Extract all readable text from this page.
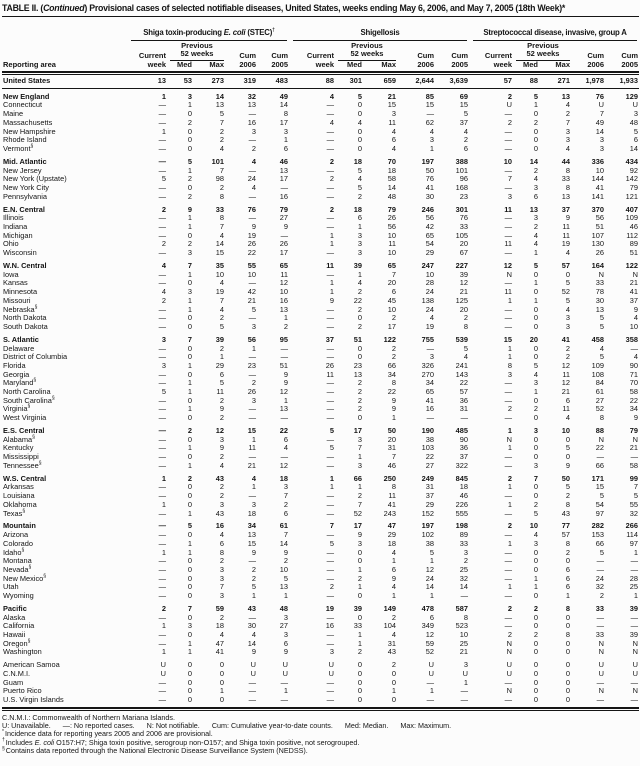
TABLE II. (Continued) Provisional cases of selected notifiable diseases, United States, weeks ending May 6, 2006, and May 7, 2005 (18th Week)*
Shiga toxin-producing E. coli (STEC)†	Shigellosis	Streptococcal disease, invasive, group A
Previous	Previous	Previous
Current	52 weeks	Cum	Cum	Current	52 weeks	Cum	Cum	Current	52 weeks	Cum	Cum
Reporting area	week	Med	Max	2006	2005	week	Med	Max	2006	2005	week	Med	Max	2006	2005
United States	13	53	273	319	483	88	301	659	2,644	3,639	57	88	271	1,978	1,933
New England	1	3	14	32	49	4	5	21	85	69	2	5	13	76	129
Connecticut	—	1	13	13	14	—	0	15	15	15	U	1	4	U	U
Maine	—	0	5	—	8	—	0	3	—	5	—	0	2	7	3
Massachusetts	—	2	7	16	17	4	4	11	62	37	2	2	7	49	48
New Hampshire	1	0	2	3	3	—	0	4	4	4	—	0	3	14	5
Rhode Island	—	0	2	—	1	—	0	6	3	2	—	0	3	3	6
Vermont§	—	0	4	2	6	—	0	4	1	6	—	0	4	3	14
Mid. Atlantic	—	5	101	4	46	2	18	70	197	388	10	14	44	336	434
New Jersey	—	1	7	—	13	—	5	18	50	101	—	2	8	10	92
New York (Upstate)	5	2	98	24	17	2	4	58	76	96	7	4	33	144	142
New York City	—	0	2	4	—	—	5	14	41	168	—	3	8	41	79
Pennsylvania	—	2	8	—	16	—	2	48	30	23	3	6	13	141	121
E.N. Central	2	9	33	76	79	2	18	79	246	301	11	13	37	370	407
Illinois	—	1	8	—	27	—	6	26	56	76	—	3	9	56	109
Indiana	—	1	7	9	9	—	1	56	42	33	—	2	11	51	46
Michigan	—	0	4	19	—	1	3	10	65	105	—	4	11	107	112
Ohio	2	2	14	26	26	1	3	11	54	20	11	4	19	130	89
Wisconsin	—	3	15	22	17	—	3	10	29	67	—	1	4	26	51
W.N. Central	4	7	35	55	65	11	39	65	247	227	12	5	57	164	122
Iowa	—	1	10	10	11	—	1	7	10	39	N	0	0	N	N
Kansas	—	0	4	—	12	1	4	20	28	12	—	1	5	33	21
Minnesota	4	3	19	42	10	1	2	6	24	21	11	0	52	78	41
Missouri	2	1	7	21	16	9	22	45	138	125	1	1	5	30	37
Nebraska§	—	1	4	5	13	—	2	10	24	20	—	0	4	13	9
North Dakota	—	0	2	—	1	—	0	2	4	2	—	0	3	5	4
South Dakota	—	0	5	3	2	—	2	17	19	8	—	0	3	5	10
S. Atlantic	3	7	39	56	95	37	51	122	755	539	15	20	41	458	358
Delaware	—	0	2	1	—	—	0	2	—	5	1	0	2	4	—
District of Columbia	—	0	1	—	—	—	0	2	3	4	1	0	2	5	4
Florida	3	1	29	23	51	26	23	66	326	241	8	5	12	109	90
Georgia	—	0	6	—	9	11	13	34	270	143	3	4	11	108	71
Maryland§	—	1	5	2	9	—	2	8	34	22	—	3	12	84	70
North Carolina	5	1	11	26	12	—	2	22	65	57	—	1	21	61	58
South Carolina§	—	0	2	3	1	—	2	9	41	36	—	0	6	27	22
Virginia§	—	1	9	—	13	—	2	9	16	31	2	2	11	52	34
West Virginia	—	0	2	—	—	—	0	1	—	—	—	0	4	8	9
E.S. Central	—	2	12	15	22	5	17	50	190	485	1	3	10	88	79
Alabama§	—	0	3	1	6	—	3	20	38	90	N	0	0	N	N
Kentucky	—	1	9	11	4	5	7	31	103	36	1	0	5	22	21
Mississippi	—	0	2	—	—	—	1	7	22	37	—	0	0	—	—
Tennessee§	—	1	4	21	12	—	3	46	27	322	—	3	9	66	58
W.S. Central	1	2	43	4	18	1	66	250	249	845	2	7	50	171	99
Arkansas	—	0	2	1	3	1	1	8	31	18	1	0	5	15	7
Louisiana	—	0	2	—	7	—	2	11	37	46	—	0	2	5	5
Oklahoma	1	0	3	3	2	—	7	41	29	226	1	2	8	54	55
Texas§	—	1	43	18	6	—	52	243	152	555	—	5	43	97	32
Mountain	—	5	16	34	61	7	17	47	197	198	2	10	77	282	266
Arizona	—	0	4	13	7	—	9	29	102	89	—	4	57	153	114
Colorado	—	1	6	15	14	5	3	18	38	33	1	3	8	66	97
Idaho§	1	1	8	9	9	—	0	4	5	3	—	0	2	5	1
Montana	—	0	2	—	2	—	0	1	1	2	—	0	0	—	—
Nevada§	—	0	3	2	10	—	1	6	12	25	—	0	6	—	—
New Mexico§	—	0	3	2	5	—	2	9	24	32	—	1	6	24	28
Utah	—	0	7	5	13	2	1	4	14	14	1	1	6	32	25
Wyoming	—	0	3	1	1	—	0	1	1	—	—	0	1	2	1
Pacific	2	7	59	43	48	19	39	149	478	587	2	2	8	33	39
Alaska	—	0	2	—	3	—	0	2	6	8	—	0	0	—	—
California	1	3	18	30	27	16	33	104	349	523	—	0	0	—	—
Hawaii	—	0	4	4	3	—	1	4	12	10	2	2	8	33	39
Oregon§	—	1	47	14	6	—	1	31	59	25	N	0	0	N	N
Washington	1	1	41	9	9	3	2	43	52	21	N	0	0	N	N
American Samoa	U	0	0	U	U	U	0	2	U	3	U	0	0	U	U
C.N.M.I.	U	0	0	U	U	U	0	0	U	U	U	0	0	U	U
Guam	—	0	0	—	—	—	0	0	—	1	—	0	0	—	—
Puerto Rico	—	0	1	—	1	—	0	1	1	—	N	0	0	N	N
U.S. Virgin Islands	—	0	0	—	—	—	0	0	—	—	—	0	0	—	—
C.N.M.I.: Commonwealth of Northern Mariana Islands.
U: Unavailable. —: No reported cases. N: Not notifiable. Cum: Cumulative year-to-date counts. Med: Median. Max: Maximum.
*Incidence data for reporting years 2005 and 2006 are provisional.
†Includes E. coli O157:H7; Shiga toxin positive, serogroup non-O157; and Shiga toxin positive, not serogrouped.
§Contains data reported through the National Electronic Disease Surveillance System (NEDSS).
